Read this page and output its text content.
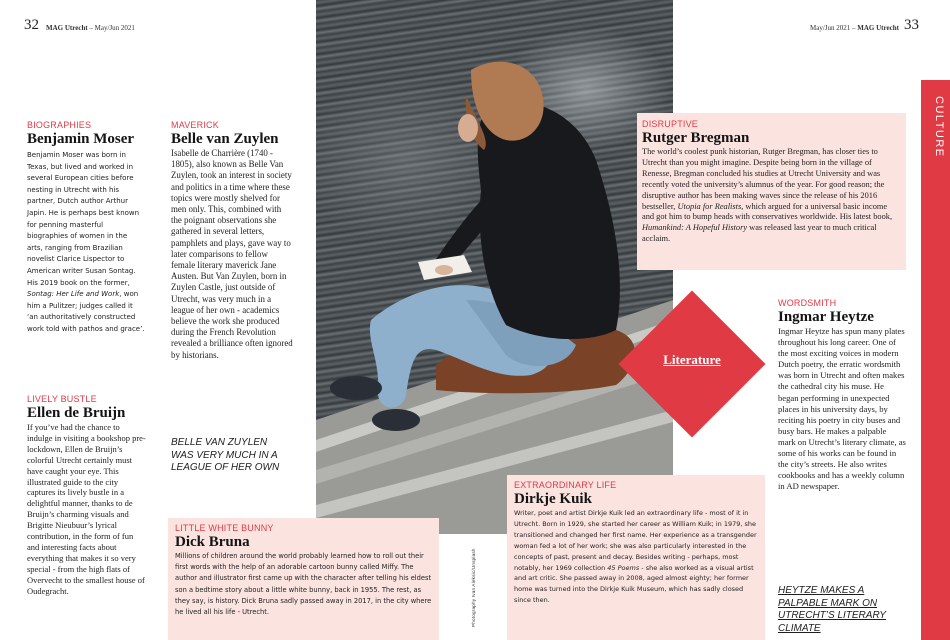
32 MAG Utrecht – May/Jun 2021	May/Jun 2021 – MAG Utrecht 33
Literature
CULTURE
Photography Ivan Aleksic/Unsplash
BIOGRAPHIES
Benjamin Moser
Benjamin Moser was born in Texas, but lived and worked in several European cities before nesting in Utrecht with his partner, Dutch author Arthur Japin. He is perhaps best known for penning masterful biographies of women in the arts, ranging from Brazilian novelist Clarice Lispector to American writer Susan Sontag. His 2019 book on the former, Sontag: Her Life and Work, won him a Pulitzer; judges called it ‘an authoritatively constructed work told with pathos and grace’.
MAVERICK
Belle van Zuylen
Isabelle de Charrière (1740 - 1805), also known as Belle Van Zuylen, took an interest in society and politics in a time where these topics were mostly shelved for men only. This, combined with the poignant observations she gathered in several letters, pamphlets and plays, gave way to later comparisons to fellow female literary maverick Jane Austen. But Van Zuylen, born in Zuylen Castle, just outside of Utrecht, was very much in a league of her own - academics believe the work she produced during the French Revolution revealed a brilliance often ignored by historians.
BELLE VAN ZUYLEN WAS VERY MUCH IN A LEAGUE OF HER OWN
LIVELY BUSTLE
Ellen de Bruijn
If you’ve had the chance to indulge in visiting a bookshop pre-lockdown, Ellen de Bruijn’s colorful Utrecht certainly must have caught your eye. This illustrated guide to the city captures its lively bustle in a delightful manner, thanks to de Bruijn’s charming visuals and Brigitte Nieubuur’s lyrical contribution, in the form of fun and interesting facts about everything that makes it so very special - from the high flats of Overvecht to the smallest house of Oudegracht.
LITTLE WHITE BUNNY
Dick Bruna
Millions of children around the world probably learned how to roll out their first words with the help of an adorable cartoon bunny called Miffy. The author and illustrator first came up with the character after telling his eldest son a bedtime story about a little white bunny, back in 1955. The rest, as they say, is history. Dick Bruna sadly passed away in 2017, in the city where he lived all his life - Utrecht.
DISRUPTIVE
Rutger Bregman
The world’s coolest punk historian, Rutger Bregman, has closer ties to Utrecht than you might imagine. Despite being born in the village of Renesse, Bregman concluded his studies at Utrecht University and was recently voted the university’s alumnus of the year. For good reason; the disruptive author has been making waves since the release of his 2016 bestseller, Utopia for Realists, which argued for a universal basic income and got him to bump heads with conservatives worldwide. His latest book, Humankind: A Hopeful History was released last year to much critical acclaim.
WORDSMITH
Ingmar Heytze
Ingmar Heytze has spun many plates throughout his long career. One of the most exciting voices in modern Dutch poetry, the erratic wordsmith was born in Utrecht and often makes the cathedral city his muse. He began performing in unexpected places in his university days, by reciting his poetry in city buses and busy bars. He makes a palpable mark on Utrecht’s literary climate, as some of his works can be found in the city’s streets. He also writes cookbooks and has a weekly column in AD newspaper.
HEYTZE MAKES A PALPABLE MARK ON UTRECHT’S LITERARY CLIMATE
EXTRAORDINARY LIFE
Dirkje Kuik
Writer, poet and artist Dirkje Kuik led an extraordinary life - most of it in Utrecht. Born in 1929, she started her career as William Kuik; in 1979, she transitioned and changed her first name. Her experience as a transgender woman fed a lot of her work; she was also particularly interested in the concepts of past, present and decay. Besides writing - perhaps, most notably, her 1969 collection 45 Poems - she also worked as a visual artist and art critic. She passed away in 2008, aged almost eighty; her former home was turned into the Dirkje Kuik Museum, which has sadly closed since then.
